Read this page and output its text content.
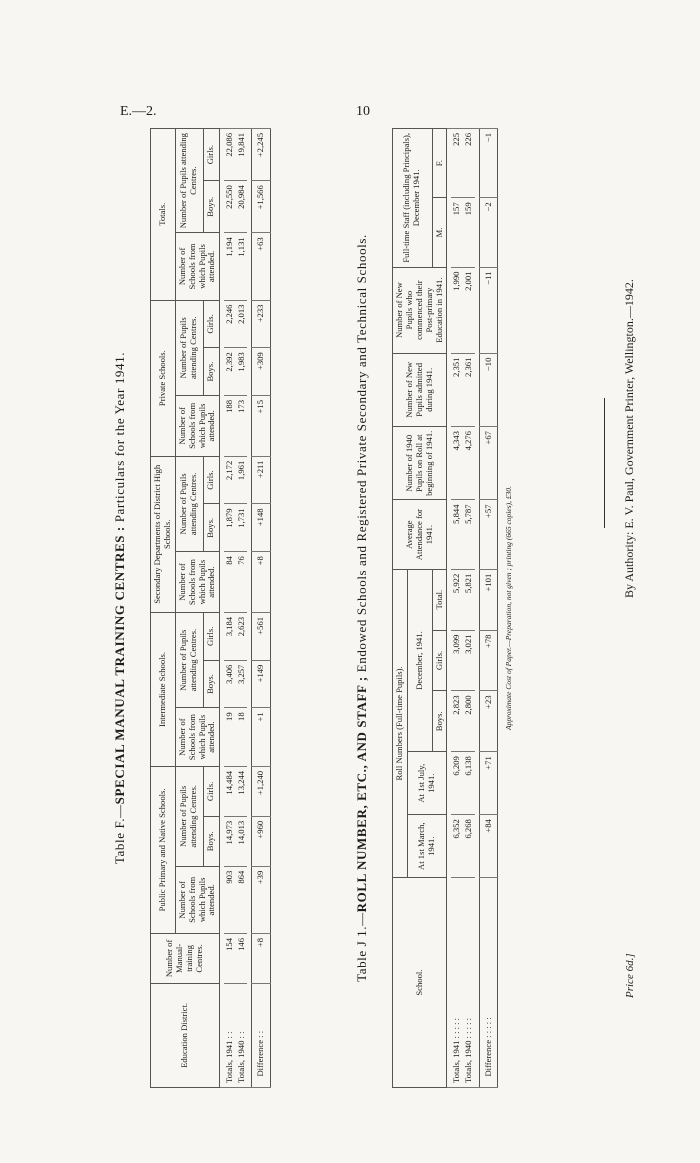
E.—2.	10
Table F.—SPECIAL MANUAL TRAINING CENTRES : Particulars for the Year 1941.
Education District.	Number of Manual-training Centres.	Public Primary and Native Schools.			Intermediate Schools.			Secondary Departments of District High Schools.			Private Schools.			Totals.		
		Number of Schools from which Pupils attended.	Number of Pupils attending Centres.		Number of Schools from which Pupils attended.	Number of Pupils attending Centres.		Number of Schools from which Pupils attended.	Number of Pupils attending Centres.		Number of Schools from which Pupils attended.	Number of Pupils attending Centres.		Number of Schools from which Pupils attended.	Number of Pupils attending Centres.	
			Boys.	Girls.		Boys.	Girls.		Boys.	Girls.		Boys.	Girls.		Boys.	Girls.

Totals, 1941 : :	154	903	14,973	14,484	19	3,406	3,184	84	1,879	2,172	188	2,392	2,246	1,194	22,550	22,086
Totals, 1940 : :	146	864	14,013	13,244	18	3,257	2,623	76	1,731	1,961	173	1,983	2,013	1,131	20,984	19,841

Difference : :	+8	+39	+960	+1,240	+1	+149	+561	+8	+148	+211	+15	+309	+233	+63	+1,566	+2,245
Table J 1.—ROLL NUMBER, ETC., AND STAFF ; Endowed Schools and Registered Private Secondary and Technical Schools.
School.	Roll Numbers (Full-time Pupils).					Average Attendance for 1941.	Number of 1940 Pupils on Roll at beginning of 1941.	Number of New Pupils admitted during 1941.	Number of New Pupils who commenced their Post-primary Education in 1941.	Full-time Staff (including Principals), December 1941.	
	At 1st March, 1941.	At 1st July, 1941.	December, 1941.								
			Boys.	Girls.	Total.					M.	F.

Totals, 1941 : : : : :	6,352	6,209	2,823	3,099	5,922	5,844	4,343	2,351	1,990	157	225
Totals, 1940 : : : : :	6,268	6,138	2,800	3,021	5,821	5,787	4,276	2,361	2,001	159	226

Difference : : : : :	+84	+71	+23	+78	+101	+57	+67	−10	−11	−2	−1
Approximate Cost of Paper.—Preparation, not given ; printing (665 copies), £30.
By Authority: E. V. Paul, Government Printer, Wellington.—1942.
Price 6d.]
